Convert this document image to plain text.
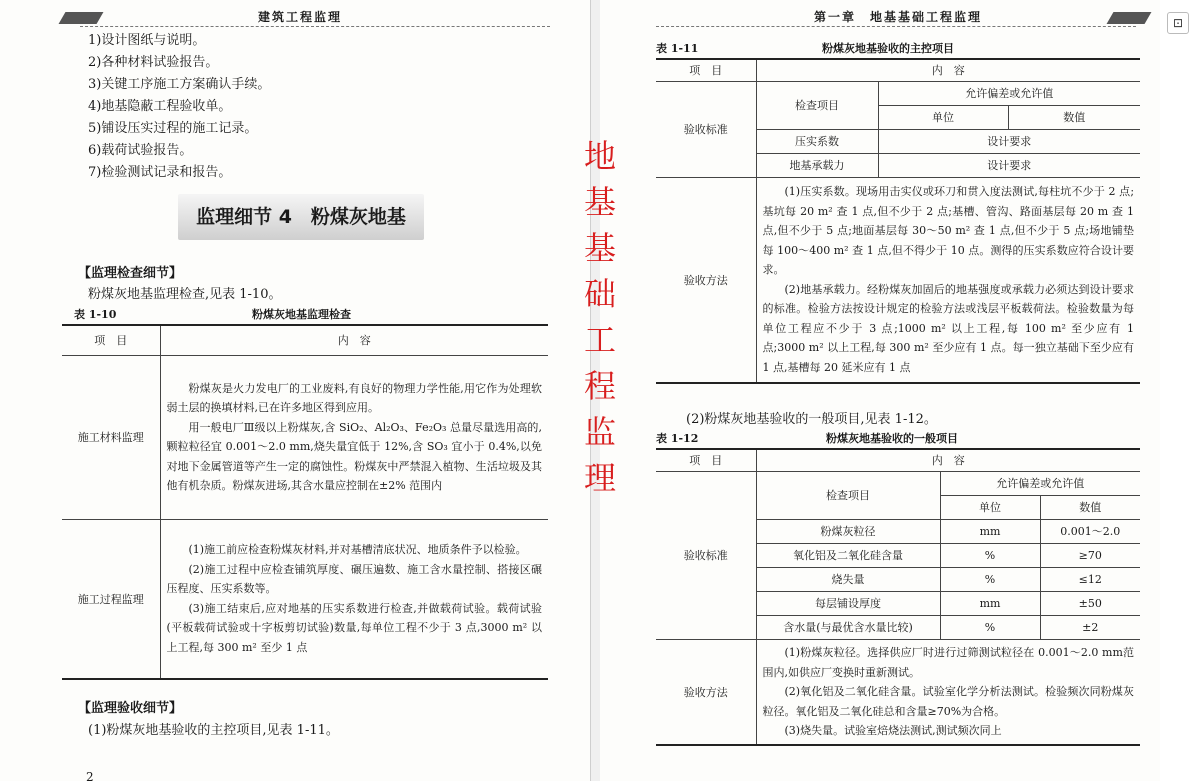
建筑工程监理
1)设计图纸与说明。
2)各种材料试验报告。
3)关键工序施工方案确认手续。
4)地基隐蔽工程验收单。
5)铺设压实过程的施工记录。
6)载荷试验报告。
7)检验测试记录和报告。
监理细节 4　粉煤灰地基
【监理检查细节】
粉煤灰地基监理检查,见表 1-10。
表 1-10	粉煤灰地基监理检查
项　目	内　容
施工材料监理	粉煤灰是火力发电厂的工业废料,有良好的物理力学性能,用它作为处理软弱土层的换填材料,已在许多地区得到应用。

用一般电厂Ⅲ级以上粉煤灰,含 SiO₂、Al₂O₃、Fe₂O₃ 总量尽量选用高的,颗粒粒径宜 0.001～2.0 mm,烧失量宜低于 12%,含 SO₃ 宜小于 0.4%,以免对地下金属管道等产生一定的腐蚀性。粉煤灰中严禁混入植物、生活垃圾及其他有机杂质。粉煤灰进场,其含水量应控制在±2% 范围内

施工过程监理	(1)施工前应检查粉煤灰材料,并对基槽清底状况、地质条件予以检验。

(2)施工过程中应检查铺筑厚度、碾压遍数、施工含水量控制、搭接区碾压程度、压实系数等。

(3)施工结束后,应对地基的压实系数进行检查,并做载荷试验。载荷试验(平板载荷试验或十字板剪切试验)数量,每单位工程不少于 3 点,3000 m² 以上工程,每 300 m² 至少 1 点

【监理验收细节】
(1)粉煤灰地基验收的主控项目,见表 1-11。
2
第一章　地基基础工程监理
表 1-11	粉煤灰地基验收的主控项目
项　目	内　容		
验收标准	检查项目	允许偏差或允许值	
		单位	数值
	压实系数	设计要求	
	地基承载力	设计要求	
验收方法	(1)压实系数。现场用击实仪或环刀和贯入度法测试,每柱坑不少于 2 点;基坑每 20 m² 查 1 点,但不少于 2 点;基槽、管沟、路面基层每 20 m 查 1 点,但不少于 5 点;地面基层每 30～50 m² 查 1 点,但不少于 5 点;场地铺垫每 100～400 m² 查 1 点,但不得少于 10 点。测得的压实系数应符合设计要求。

(2)地基承载力。经粉煤灰加固后的地基强度或承载力必须达到设计要求的标准。检验方法按设计规定的检验方法或浅层平板载荷法。检验数量为每单位工程应不少于 3 点;1000 m² 以上工程,每 100 m² 至少应有 1 点;3000 m² 以上工程,每 300 m² 至少应有 1 点。每一独立基础下至少应有 1 点,基槽每 20 延米应有 1 点		

(2)粉煤灰地基验收的一般项目,见表 1-12。
表 1-12	粉煤灰地基验收的一般项目
项　目	内　容		
验收标准	检查项目	允许偏差或允许值	
		单位	数值
	粉煤灰粒径	mm	0.001～2.0
	氧化铝及二氧化硅含量	%	≥70
	烧失量	%	≤12
	每层铺设厚度	mm	±50
	含水量(与最优含水量比较)	%	±2
验收方法	(1)粉煤灰粒径。选择供应厂时进行过筛测试粒径在 0.001～2.0 mm范围内,如供应厂变换时重新测试。

(2)氧化铝及二氧化硅含量。试验室化学分析法测试。检验频次同粉煤灰粒径。氧化铝及二氧化硅总和含量≥70%为合格。

(3)烧失量。试验室焙烧法测试,测试频次同上		

地
基
基
础
工
程
监
理
⊡
